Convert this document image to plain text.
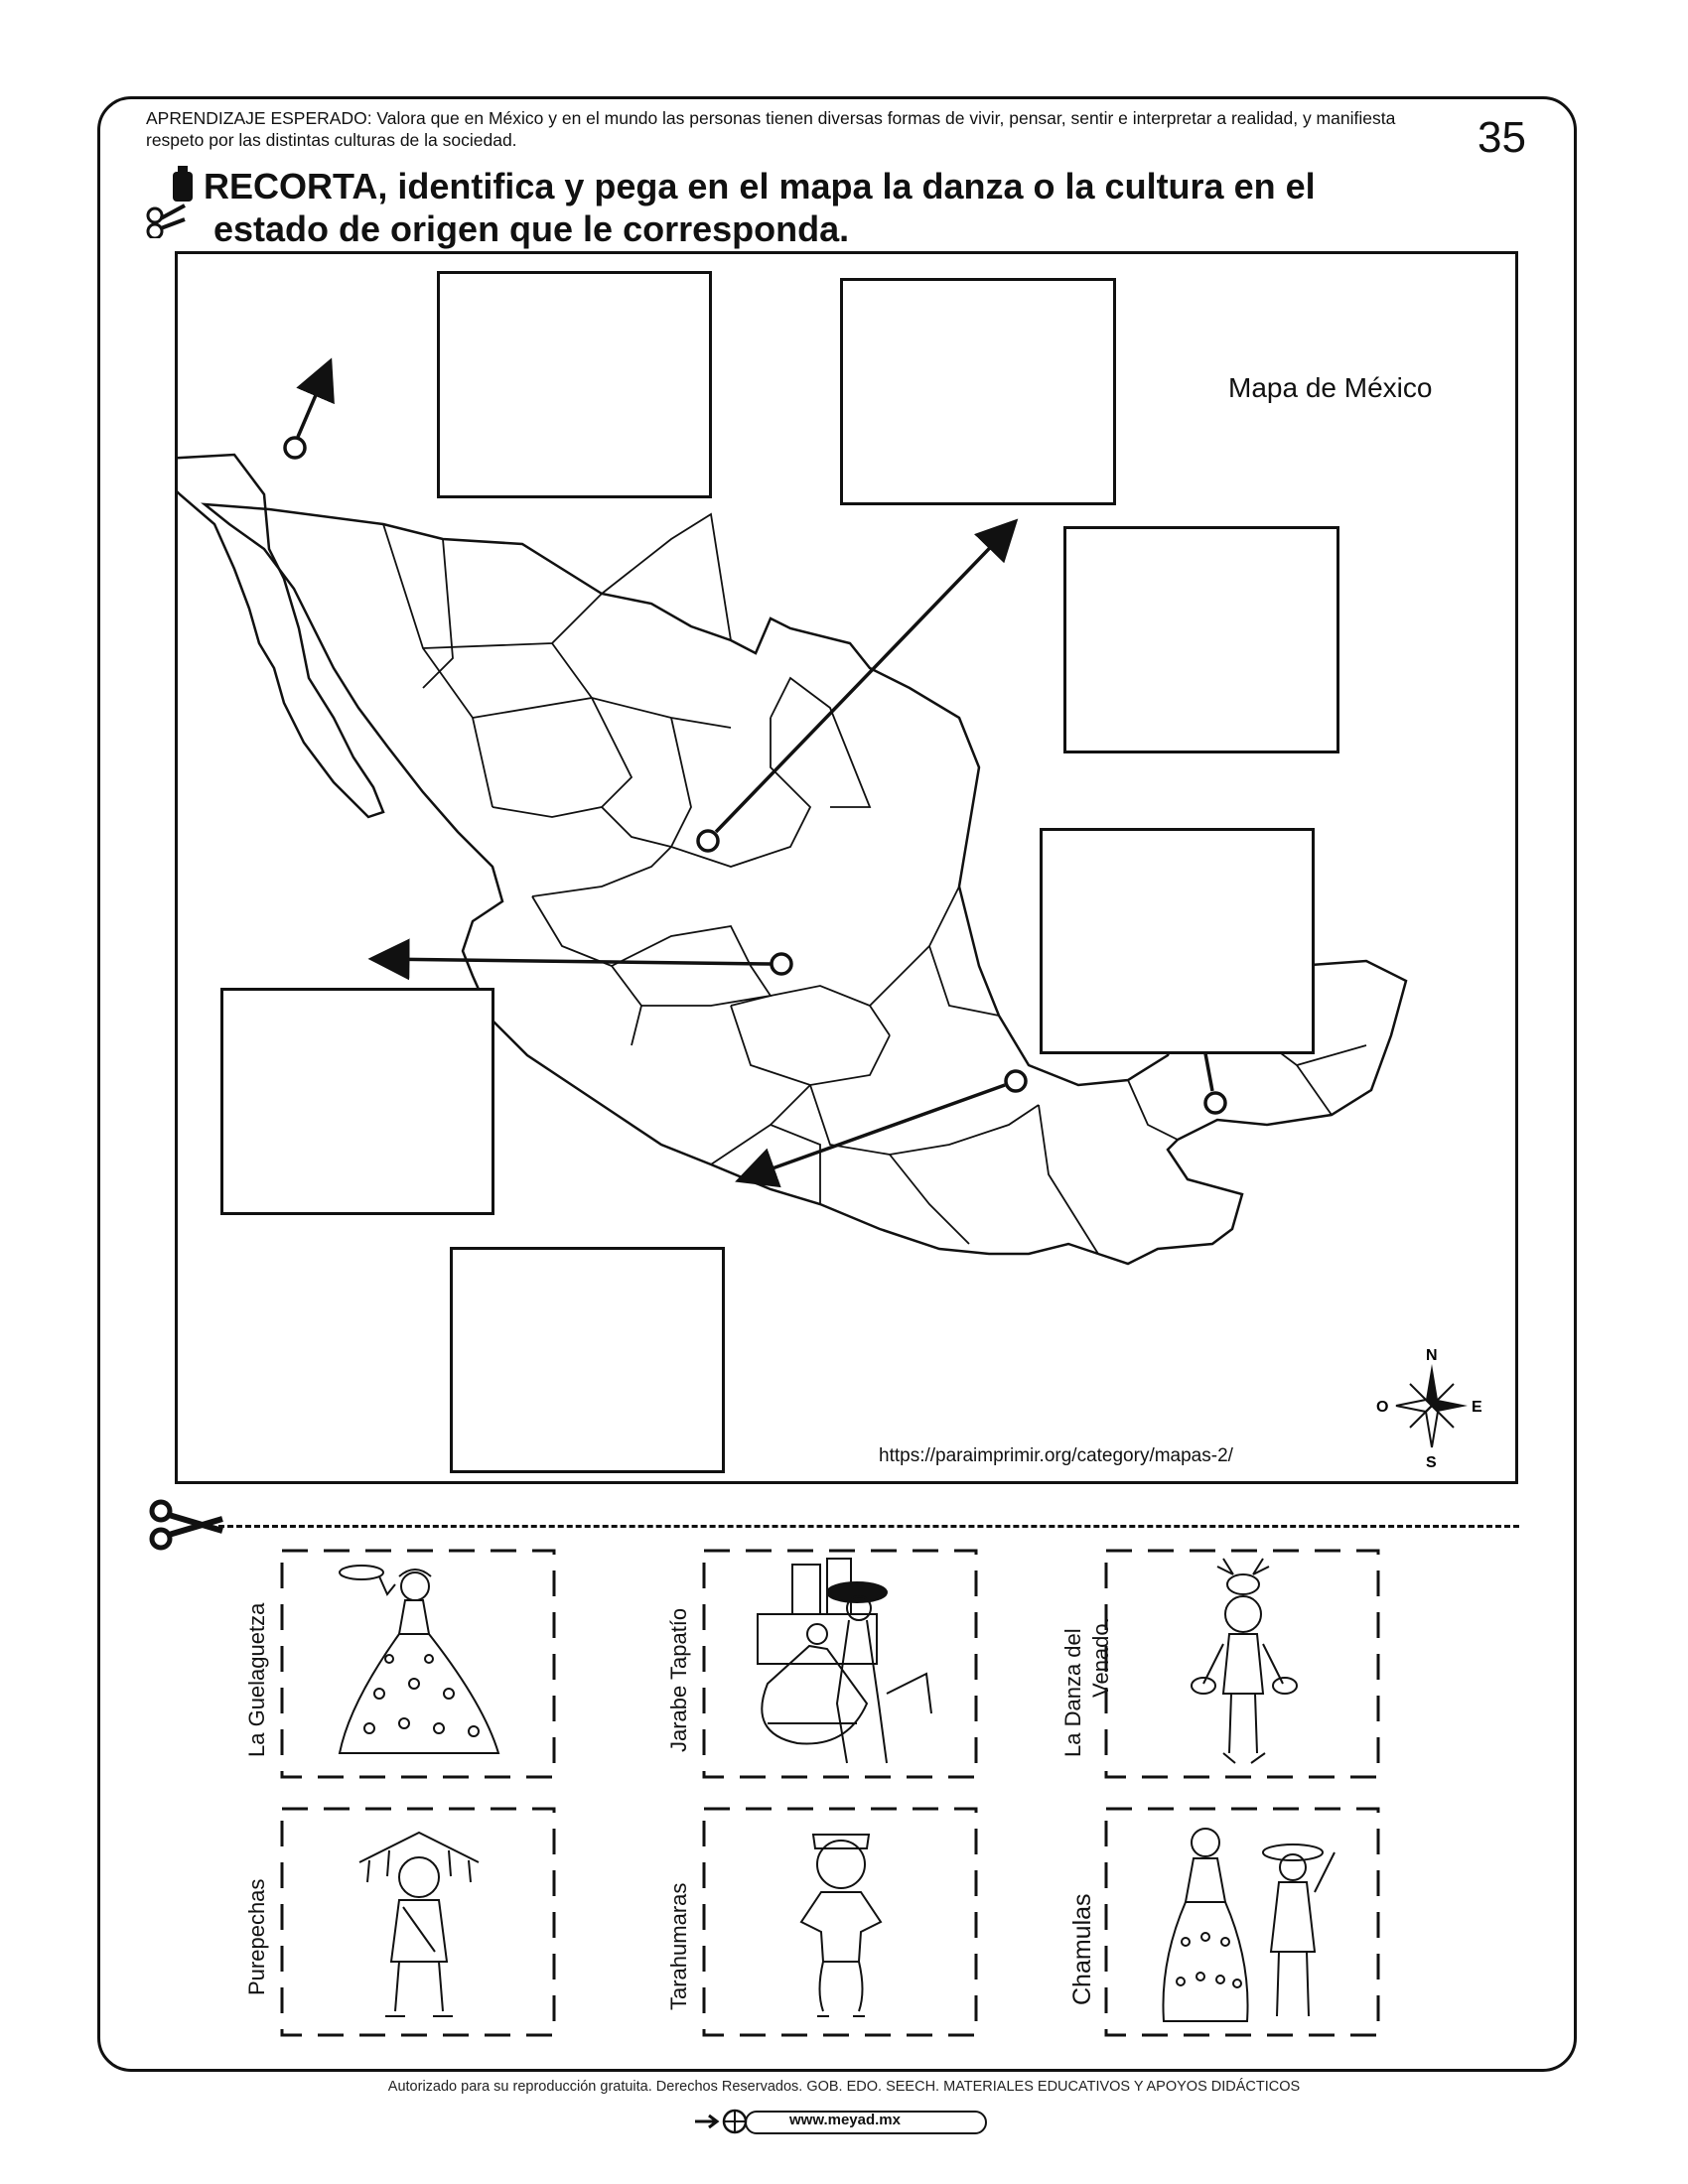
APRENDIZAJE ESPERADO: Valora que en México y en el mundo las personas tienen diversas formas de vivir, pensar, sentir e interpretar a realidad, y manifiesta respeto por las distintas culturas de la sociedad.	35
RECORTA, identifica y pega en el mapa la danza o la cultura en el
estado de origen que le corresponda.
Mapa de México
N
S
E
O
https://paraimprimir.org/category/mapas-2/
La Guelaguetza	Jarabe Tapatío	La Danza del Venado.
Purepechas	Tarahumaras	Chamulas
Autorizado para su reproducción gratuita. Derechos Reservados. GOB. EDO. SEECH. MATERIALES EDUCATIVOS Y APOYOS DIDÁCTICOS
www.meyad.mx
